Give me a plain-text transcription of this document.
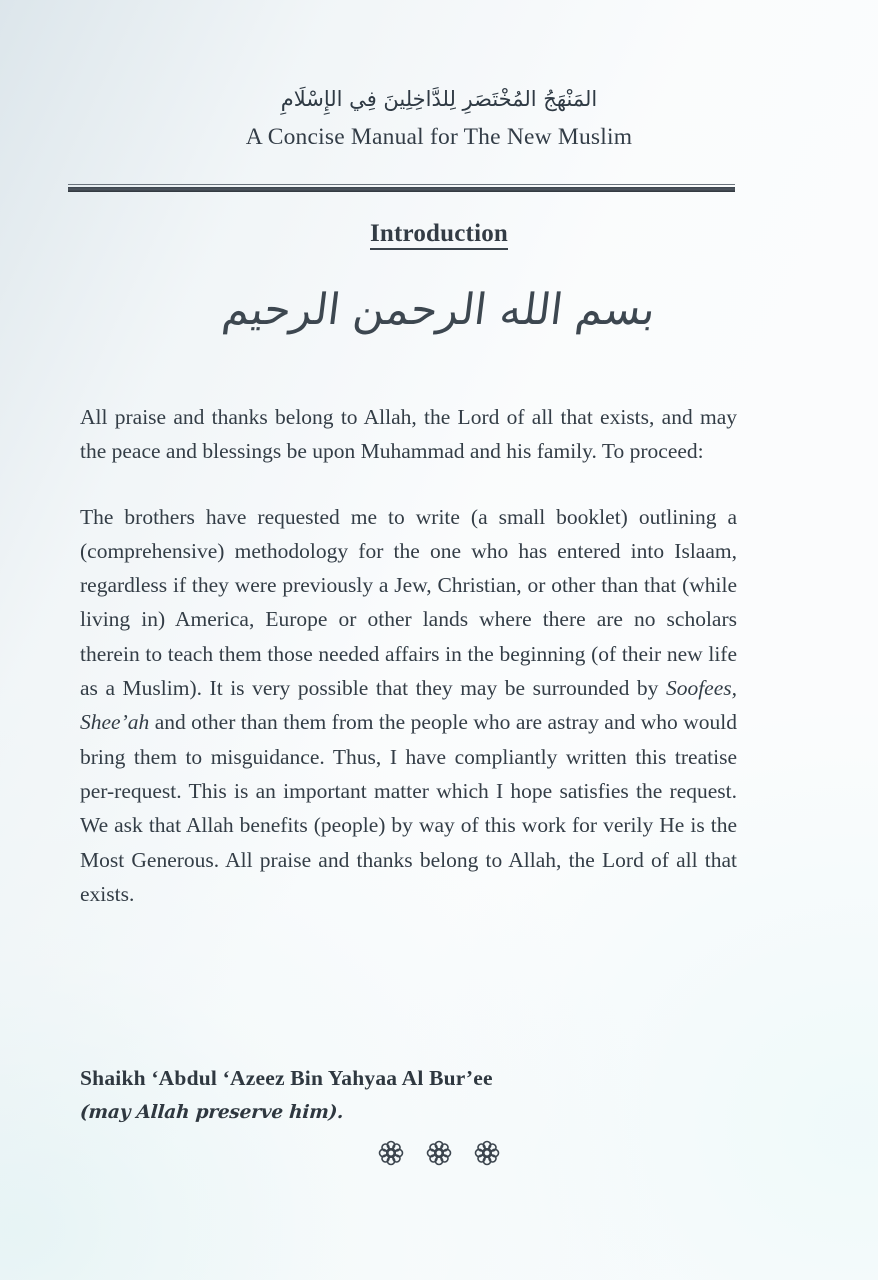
المَنْهَجُ المُخْتَصَرِ لِلدَّاخِلِينَ فِي الإِسْلَامِ
A Concise Manual for The New Muslim
Introduction
بسم الله الرحمن الرحيم

All praise and thanks belong to Allah, the Lord of all that exists, and may the peace and blessings be upon Muhammad and his family. To proceed:

The brothers have requested me to write (a small booklet) outlining a (comprehensive) methodology for the one who has entered into Islaam, regardless if they were previously a Jew, Christian, or other than that (while living in) America, Europe or other lands where there are no scholars therein to teach them those needed affairs in the beginning (of their new life as a Muslim). It is very possible that they may be surrounded by Soofees, Shee’ah and other than them from the people who are astray and who would bring them to misguidance. Thus, I have compliantly written this treatise per-request. This is an important matter which I hope satisfies the request. We ask that Allah benefits (people) by way of this work for verily He is the Most Generous. All praise and thanks belong to Allah, the Lord of all that exists.

Shaikh ‘Abdul ‘Azeez Bin Yahyaa Al Bur’ee (may Allah preserve him).
